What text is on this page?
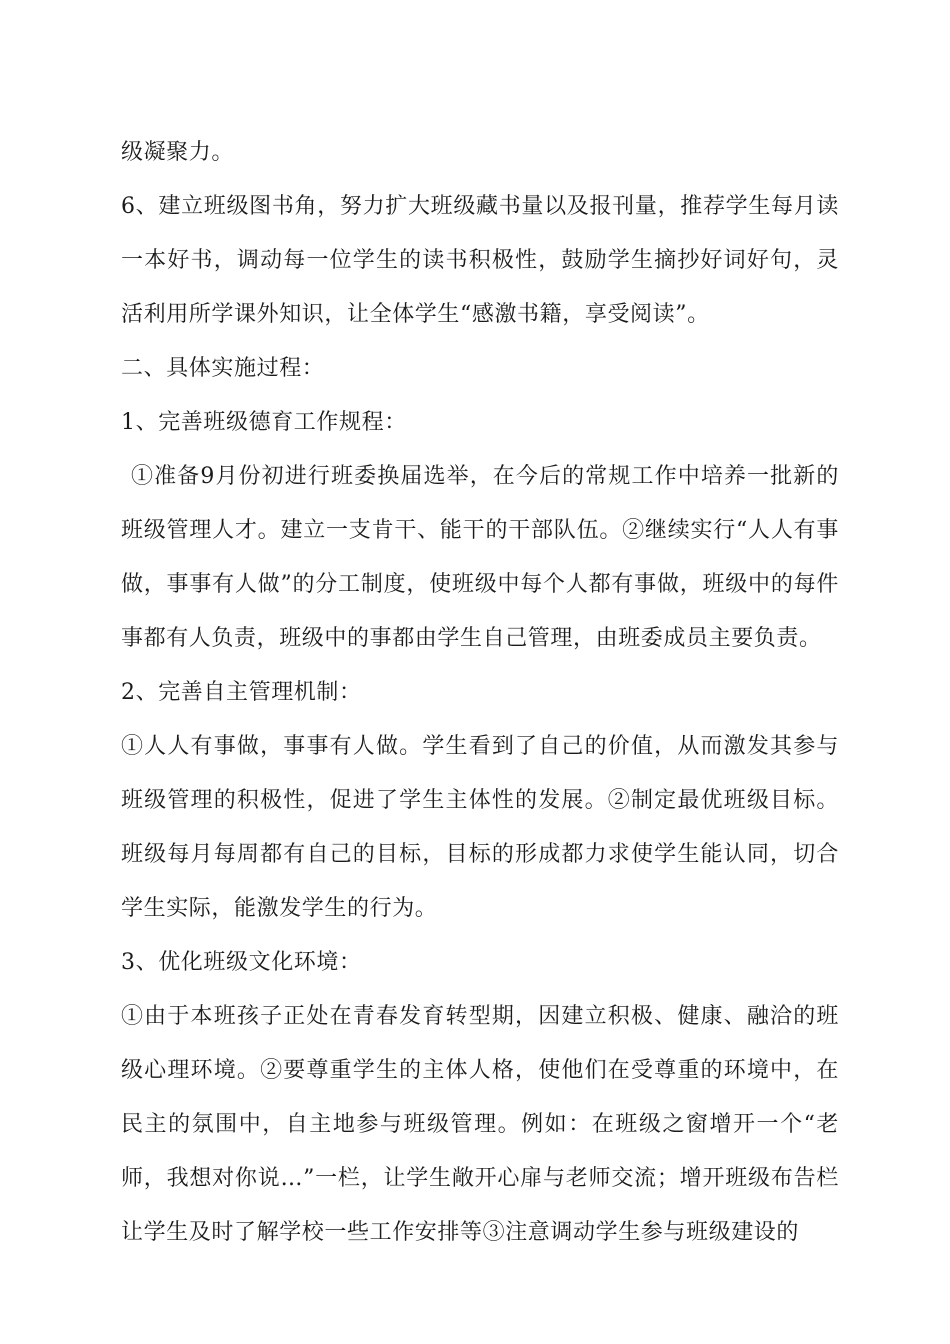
级凝聚力。

6、建立班级图书角，努力扩大班级藏书量以及报刊量，推荐学生每月读一本好书，调动每一位学生的读书积极性，鼓励学生摘抄好词好句，灵活利用所学课外知识，让全体学生“感激书籍，享受阅读”。

二、具体实施过程：

1、完善班级德育工作规程：

①准备9月份初进行班委换届选举，在今后的常规工作中培养一批新的班级管理人才。建立一支肯干、能干的干部队伍。②继续实行“人人有事做，事事有人做”的分工制度，使班级中每个人都有事做，班级中的每件事都有人负责，班级中的事都由学生自己管理，由班委成员主要负责。

2、完善自主管理机制：

①人人有事做，事事有人做。学生看到了自己的价值，从而激发其参与班级管理的积极性，促进了学生主体性的发展。②制定最优班级目标。班级每月每周都有自己的目标，目标的形成都力求使学生能认同，切合学生实际，能激发学生的行为。

3、优化班级文化环境：

①由于本班孩子正处在青春发育转型期，因建立积极、健康、融洽的班级心理环境。②要尊重学生的主体人格，使他们在受尊重的环境中，在民主的氛围中，自主地参与班级管理。例如：在班级之窗增开一个“老师，我想对你说…”一栏，让学生敞开心扉与老师交流；增开班级布告栏让学生及时了解学校一些工作安排等③注意调动学生参与班级建设的
